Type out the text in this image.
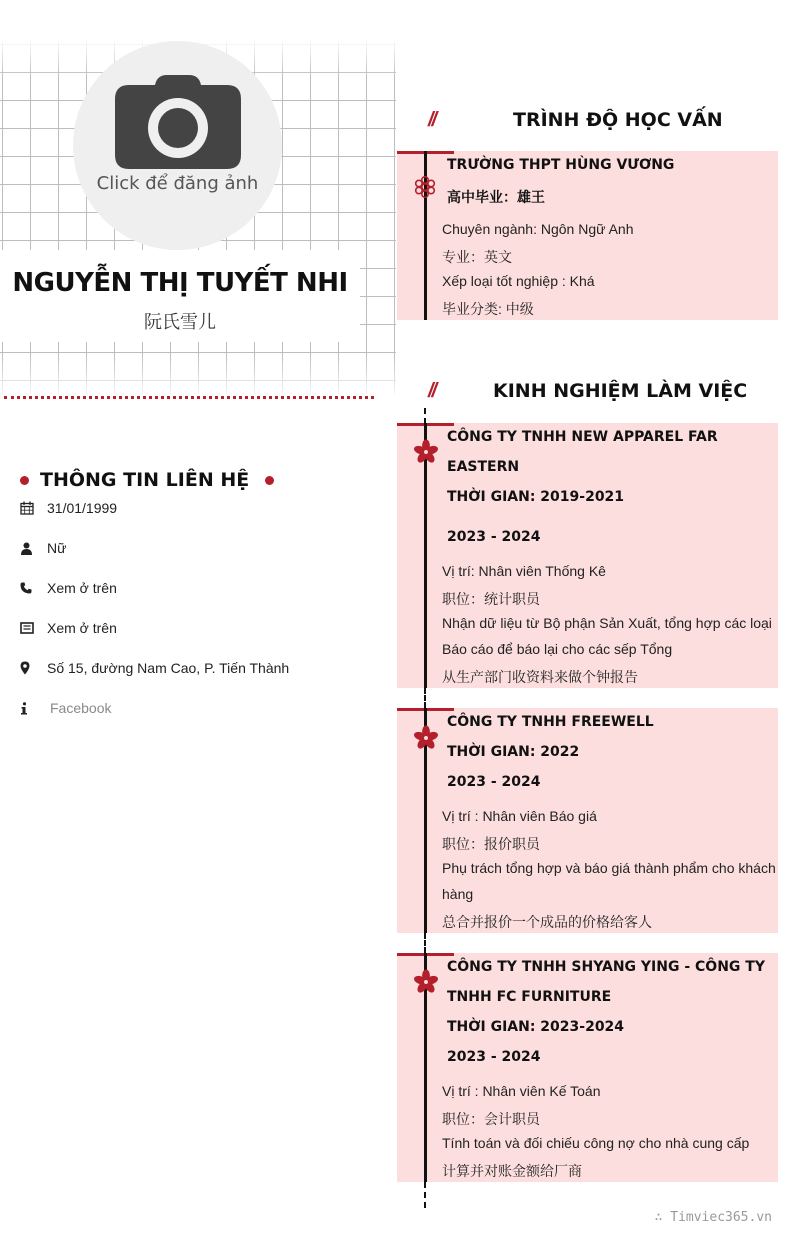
Click để đăng ảnh
NGUYỄN THỊ TUYẾT NHI
阮氏雪儿
THÔNG TIN LIÊN HỆ
31/01/1999
Nữ
Xem ở trên
Xem ở trên
Số 15, đường Nam Cao, P. Tiến Thành
Facebook
//	TRÌNH ĐỘ HỌC VẤN
TRƯỜNG THPT HÙNG VƯƠNG
高中毕业：雄王
Chuyên ngành: Ngôn Ngữ Anh
专业：英文
Xếp loại tốt nghiệp : Khá
毕业分类: 中级
//	KINH NGHIỆM LÀM VIỆC
CÔNG TY TNHH NEW APPAREL FAR
EASTERN
THỜI GIAN: 2019-2021
2023 - 2024
Vị trí: Nhân viên Thống Kê
职位：统计职员
Nhận dữ liệu từ Bộ phận Sản Xuất, tổng hợp các loại
Báo cáo để báo lại cho các sếp Tổng
从生产部门收资料来做个钟报告
CÔNG TY TNHH FREEWELL
THỜI GIAN: 2022
2023 - 2024
Vị trí : Nhân viên Báo giá
职位：报价职员
Phụ trách tổng hợp và báo giá thành phẩm cho khách
hàng
总合并报价一个成品的价格给客人
CÔNG TY TNHH SHYANG YING - CÔNG TY
TNHH FC FURNITURE
THỜI GIAN: 2023-2024
2023 - 2024
Vị trí : Nhân viên Kế Toán
职位：会计职员
Tính toán và đối chiếu công nợ cho nhà cung cấp
计算并对账金额给厂商
∴ Timviec365.vn
